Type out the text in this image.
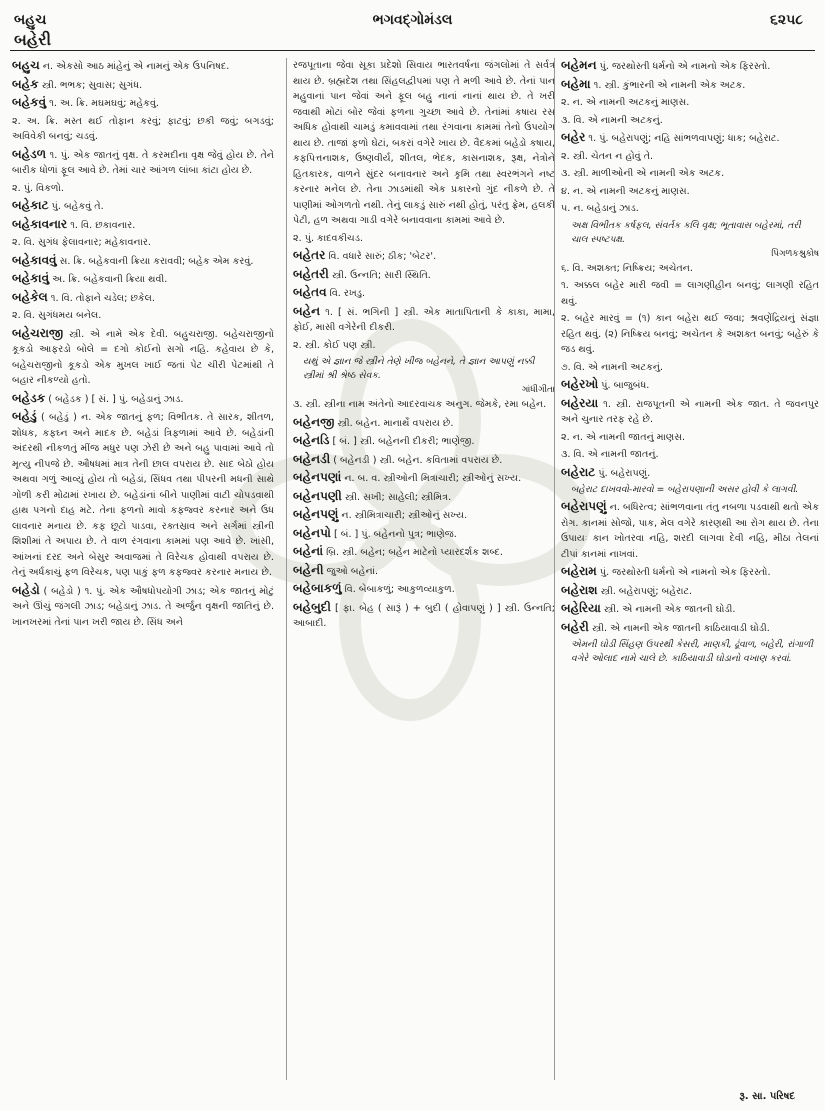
બહુચ	ભગવદ્ગોમંડલ	૬૨૫૮
બહેરી
બહુચ ન. એકસો આઠ માંહેનું એ નામનું એક ઉપનિષદ.
બહેક સ્ત્રી. ભભક; સુવાસ; સુગંધ.
બહેકવું ૧. અ. ક્રિ. મઘમઘવું; મહેકવું.
૨. અ. ક્રિ. મસ્ત થઈ તોફાન કરવું; ફાટવું; છકી જવું; બગડવું; અવિવેકી બનવું; ચડવું.
બહેડળ ૧. પું. એક જાતનું વૃક્ષ. તે કરમદીના વૃક્ષ જેવું હોય છે. તેને બારીક ધોળાં ફૂલ આવે છે. તેમાં ચાર આંગળ લાંબા કાંટા હોય છે.
૨. પું. વિકળો.
બહેકાટ પું. બહેકવું તે.
બહેકાવનાર ૧. વિ. છકાવનાર.
૨. વિ. સુગંધ ફેલાવનાર; મહેકાવનાર.
બહેકાવવું સ. ક્રિ. બહેકવાની ક્રિયા કરાવવી; બહેક એમ કરવું.
બહેકાવું અ. ક્રિ. બહેકવાની ક્રિયા થવી.
બહેકેલ ૧. વિ. તોફાને ચડેલ; છકેલ.
૨. વિ. સુગંધમય બનેલ.
બહેચરાજી સ્ત્રી. એ નામે એક દેવી. બહુચરાજી. બહેચરાજીનો કૂકડો આફરડો બોલે = દગો કોઈનો સગો નહિ. કહેવાય છે કે, બહેચરાજીનો કૂકડો એક મુખલ ખાઈ જતાં પેટ ચીરી પેટમાંથી તે બહાર નીકળ્યો હતો.
બહેડક ( બહેડક ) [ સં. ] પું. બહેડાનું ઝાડ.
બહેડું ( બહેડું ) ન. એક જાતનું ફળ; વિભીતક. તે સારક, શીતળ, શોધક, કફઘ્ન અને માદક છે. બહેડાં ત્રિફળામાં આવે છે. બહેડાંની અંદરથી નીકળતું મીંજ મધુર પણ ઝેરી છે અને બહુ પાવામાં આવે તો મૃત્યુ નીપજે છે. ઔષધમાં માત્ર તેની છાલ વપરાય છે. સાદ બેઠો હોય અથવા ગળું આવ્યું હોય તો બહેડાં, સિંધવ તથા પીપરની મધની સાથે ગોળી કરી મોઢામાં રખાય છે. બહેડાંનાં બીને પાણીમાં વાટી ચોપડવાથી હાથ પગનો દાહ મટે. તેના ફળનો માવો કફજ્વર કરનાર અને ઉધ લાવનાર મનાય છે. કફ છૂટો પાડવા, રક્તસ્રાવ અને સર્ગમાં સ્ત્રીની શિશીમાં તે અપાય છે. તે વાળ રંગવાના કામમાં પણ આવે છે. ખાંસી, આંખનાં દરદ અને બેસુર અવાજમાં તે વિરેચક હોવાથી વપરાય છે. તેનું અર્ધકાચું ફળ વિરેચક, પણ પાકું ફળ કફજ્વર કરનાર મનાય છે.
બહેડો ( બહેડો ) ૧. પું. એક ઔષધોપયોગી ઝાડ; એક જાતનું મોટું અને ઊંચું જંગલી ઝાડ; બહેડાનું ઝાડ. તે અર્જુન વૃક્ષની જાતિનું છે. ખાનખરમાં તેનાં પાન ખરી જાય છે. સિંધ અને
રજપૂતાના જેવા સૂકા પ્રદેશો સિવાય ભારતવર્ષના જંગલોમાં તે સર્વત્ર થાય છે. બ્રહ્મદેશ તથા સિંહલદ્વીપમાં પણ તે મળી આવે છે. તેનાં પાન મહુવાનાં પાન જેવાં અને ફૂલ બહુ નાનાં નાનાં થાય છે. તે ખરી જવાથી મોટાં બોર જેવાં ફળના ગુચ્છા આવે છે. તેનાંમાં કષાય રસ અધિક હોવાથી ચામડું કમાવવામાં તથા રંગવાના કામમાં તેનો ઉપયોગ થાય છે. તાજાં ફળો ઘેટાં, બકરાં વગેરે ખાય છે. વૈદકમાં બહેડો કષાય, કફપિત્તનાશક, ઉષ્ણવીર્ય, શીતલ, ભેદક, કાસનાશક, રૂક્ષ, નેત્રોને હિતકારક, વાળને સુંદર બનાવનાર અને કૃમિ તથા સ્વરભંગને નષ્ટ કરનાર મનેલ છે. તેના ઝાડમાંથી એક પ્રકારનો ગુંદ નીકળે છે. તે પાણીમાં ઓગળતો નથી. તેનું લાકડું સારું નથી હોતું, પરંતુ ફ્રેમ, હલકી પેટી, હળ અથવા ગાડી વગેરે બનાવવાના કામમાં આવે છે.
૨. પું. કાદવકીચડ.
બહેતર વિ. વધારે સારું; ઠીક; 'બેટર'.
બહેતરી સ્ત્રી. ઉન્નતિ; સારી સ્થિતિ.
બહેતવ વિ. રખડુ.
બહેન ૧. [ સં. ભગિની ] સ્ત્રી. એક માતાપિતાની કે કાકા, મામા, ફોઈ, માસી વગેરેની દીકરી.
૨. સ્ત્રી. કોઈ પણ સ્ત્રી.
યથું એ જ્ઞાન જે સ્ત્રીને તેણે ખીજ બહેનને, તે જ્ઞાન આપણું નક્કી સ્ત્રીમાં શ્રી શ્રેષ્ઠ સેવક.
ગાંધીગીતા
૩. સ્ત્રી. સ્ત્રીના નામ અંતેનો આદરવાચક અનુગ. જેમકે, રમા બહેન.
બહેનજી સ્ત્રી. બહેન. માનાર્થે વપરાય છે.
બહેનડિ [ બં. ] સ્ત્રી. બહેનની દીકરી; ભાણેજી.
બહેનડી ( બહેનડી ) સ્ત્રી. બહેન. કવિતામાં વપરાય છે.
બહેનપણાં ન. બ. વ. સ્ત્રીઓની મિત્રાચારી; સ્ત્રીઓનું સખ્ય.
બહેનપણી સ્ત્રી. સખી; સાહેલી; સ્ત્રીમિત્ર.
બહેનપણું ન. સ્ત્રીમિત્રાચારી; સ્ત્રીઓનું સખ્ય.
બહેનપો [ બં. ] પું. બહેનનો પુત્ર; ભાણેજ.
બહેનાં બ્રિ. સ્ત્રી. બહેન; બહેન માટેનો પ્યારદર્શક શબ્દ.
બહેની જુઓ બહેનાં.
બહેબાકળું વિ. બેબાકળું; આકુળવ્યાકુળ.
બહેબુદી [ ફા. બેહ ( સારૂં ) + બુદી ( હોવાપણું ) ] સ્ત્રી. ઉન્નતિ; આબાદી.
બહેમન પું. જરથોસ્તી ધર્મનો એ નામનો એક ફિરસ્તો.
બહેમા ૧. સ્ત્રી. કુંભારની એ નામની એક અટક.
૨. ન. એ નામની અટકનું માણસ.
૩. વિ. એ નામની અટકનું.
બહેર ૧. પું. બહેરાપણું; નહિ સાંભળવાપણું; ધાક; બહેરાટ.
૨. સ્ત્રી. ચેતન ન હોવું તે.
૩. સ્ત્રી. માળીઓની એ નામની એક અટક.
૪. ન. એ નામની અટકનું માણસ.
૫. ન. બહેડાનું ઝાડ.
અક્ષ વિભીતક કર્ષફલ, સંવર્તક કલિ વૃક્ષ; ભૂતાવાસ બહેરમાં, તરી ચાલ સ્પષ્ટપક્ષ.
પિંગળકશ્રુકોષ
૬. વિ. અશક્ત; નિષ્ક્રિય; અચેતન.
૧. અક્કલ બહેર મારી જવી = લાગણીહીન બનવું; લાગણી રહિત થવું.
૨. બહેર મારવું = (૧) કાન બહેરા થઈ જવા; શ્રવણેંદ્રિયનું સંજ્ઞા રહિત થવું. (૨) નિષ્ક્રિય બનવું; અચેતન કે અશક્ત બનવું; બહેરું કે જડ થવું.
૭. વિ. એ નામની અટકનું.
બહેરખો પું. બાજુબંધ.
બહેરયા ૧. સ્ત્રી. રાજપૂતની એ નામની એક જાત. તે જવનપુર અને ચુનાર તરફ રહે છે.
૨. ન. એ નામની જાતનું માણસ.
૩. વિ. એ નામની જાતનું.
બહેરાટ પું. બહેરાપણું.
બહેરાટ દાખવવો-મારવો = બહેરાપણાની અસર હોવી કે લાગવી.
બહેરાપણું ન. બધિરત્વ; સાંભળવાના તંતુ નબળા પડવાથી થતો એક રોગ. કાનમાં સોજો, પાક, મેલ વગેરે કારણથી આ રોગ થાય છે. તેના ઉપાયઃ કાન ખોતરવા નહિ, શરદી લાગવા દેવી નહિ, મીઠા તેલનાં ટીપાં કાનમાં નાખવાં.
બહેરામ પું. જરથોસ્તી ધર્મનો એ નામનો એક ફિરસ્તો.
બહેરાશ સ્ત્રી. બહેરાપણું; બહેરાટ.
બહેરિયા સ્ત્રી. એ નામની એક જાતની ઘોડી.
બહેરી સ્ત્રી. એ નામની એક જાતની કાઠિયાવાડી ઘોડી.
એમની ઘોડી સિંહણ ઉપરથી કેસરી, માણકી, ઢૂંવાળ, બહેરી, રાંગાળી વગેરે ઓલાદ નામે ચાલે છે. કાઠિયાવાડી ઘોડાનો વખાણ કરવાં.
રૂ. સા. પરિષદ
